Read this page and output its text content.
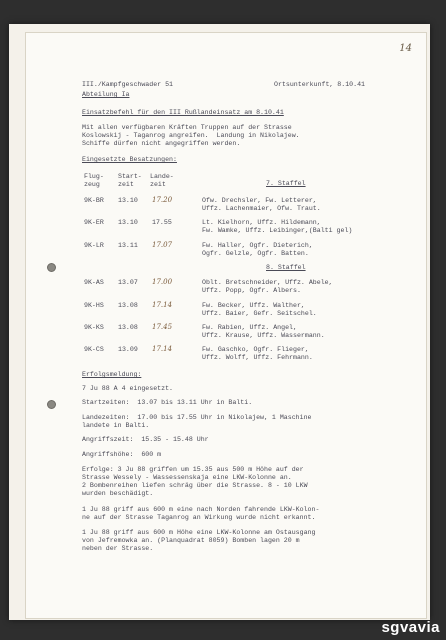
14
III./Kampfgeschwader 51	Ortsunterkunft, 8.10.41
Abteilung Ia
Einsatzbefehl für den III Rußlandeinsatz am 8.10.41
Mit allen verfügbaren Kräften Truppen auf der Strasse
Koslowskij - Taganrog angreifen.  Landung in Nikolajew.
Schiffe dürfen nicht angegriffen werden.
Eingesetzte Besatzungen:
Flug-
zeug
Start-
zeit
Lande-
zeit	7. Staffel
9K-BR 13.10 17.20	Ofw. Drechsler, Fw. Letterer,
Uffz. Lachenmaier, Ofw. Traut.
9K-ER 13.10 17.55	Lt. Kielhorn, Uffz. Hildemann,
Fw. Wamke, Uffz. Leibinger,(Balti gel)
9K-LR 13.11 17.07	Fw. Haller, Ogfr. Dieterich,
Ogfr. Gelzle, Ogfr. Batten.
8. Staffel
9K-AS 13.07 17.00	Oblt. Bretschneider, Uffz. Abele,
Uffz. Popp, Ogfr. Albers.
9K-HS 13.08 17.14	Fw. Becker, Uffz. Walther,
Uffz. Baier, Gefr. Seitschel.
9K-KS 13.08 17.45	Fw. Rabien, Uffz. Angel,
Uffz. Krause, Uffz. Wassermann.
9K-CS 13.09 17.14	Fw. Gaschko, Ogfr. Flieger,
Uffz. Wolff, Uffz. Fehrmann.
Erfolgsmeldung:
7 Ju 88 A 4 eingesetzt.
Startzeiten:  13.07 bis 13.11 Uhr in Balti.
Landezeiten:  17.00 bis 17.55 Uhr in Nikolajew, 1 Maschine
landete in Balti.
Angriffszeit:  15.35 - 15.48 Uhr
Angriffshöhe:  600 m
Erfolge: 3 Ju 88 griffen um 15.35 aus 500 m Höhe auf der
Strasse Wessely - Wassessenskaja eine LKW-Kolonne an.
2 Bombenreihen liefen schräg über die Strasse. 8 - 10 LKW
wurden beschädigt.
1 Ju 88 griff aus 600 m eine nach Norden fahrende LKW-Kolon-
ne auf der Strasse Taganrog an Wirkung wurde nicht erkannt.
1 Ju 88 griff aus 600 m Höhe eine LKW-Kolonne am Ostausgang
von Jefremowka an. (Planquadrat 8059) Bomben lagen 20 m
neben der Strasse.
sgvavia
